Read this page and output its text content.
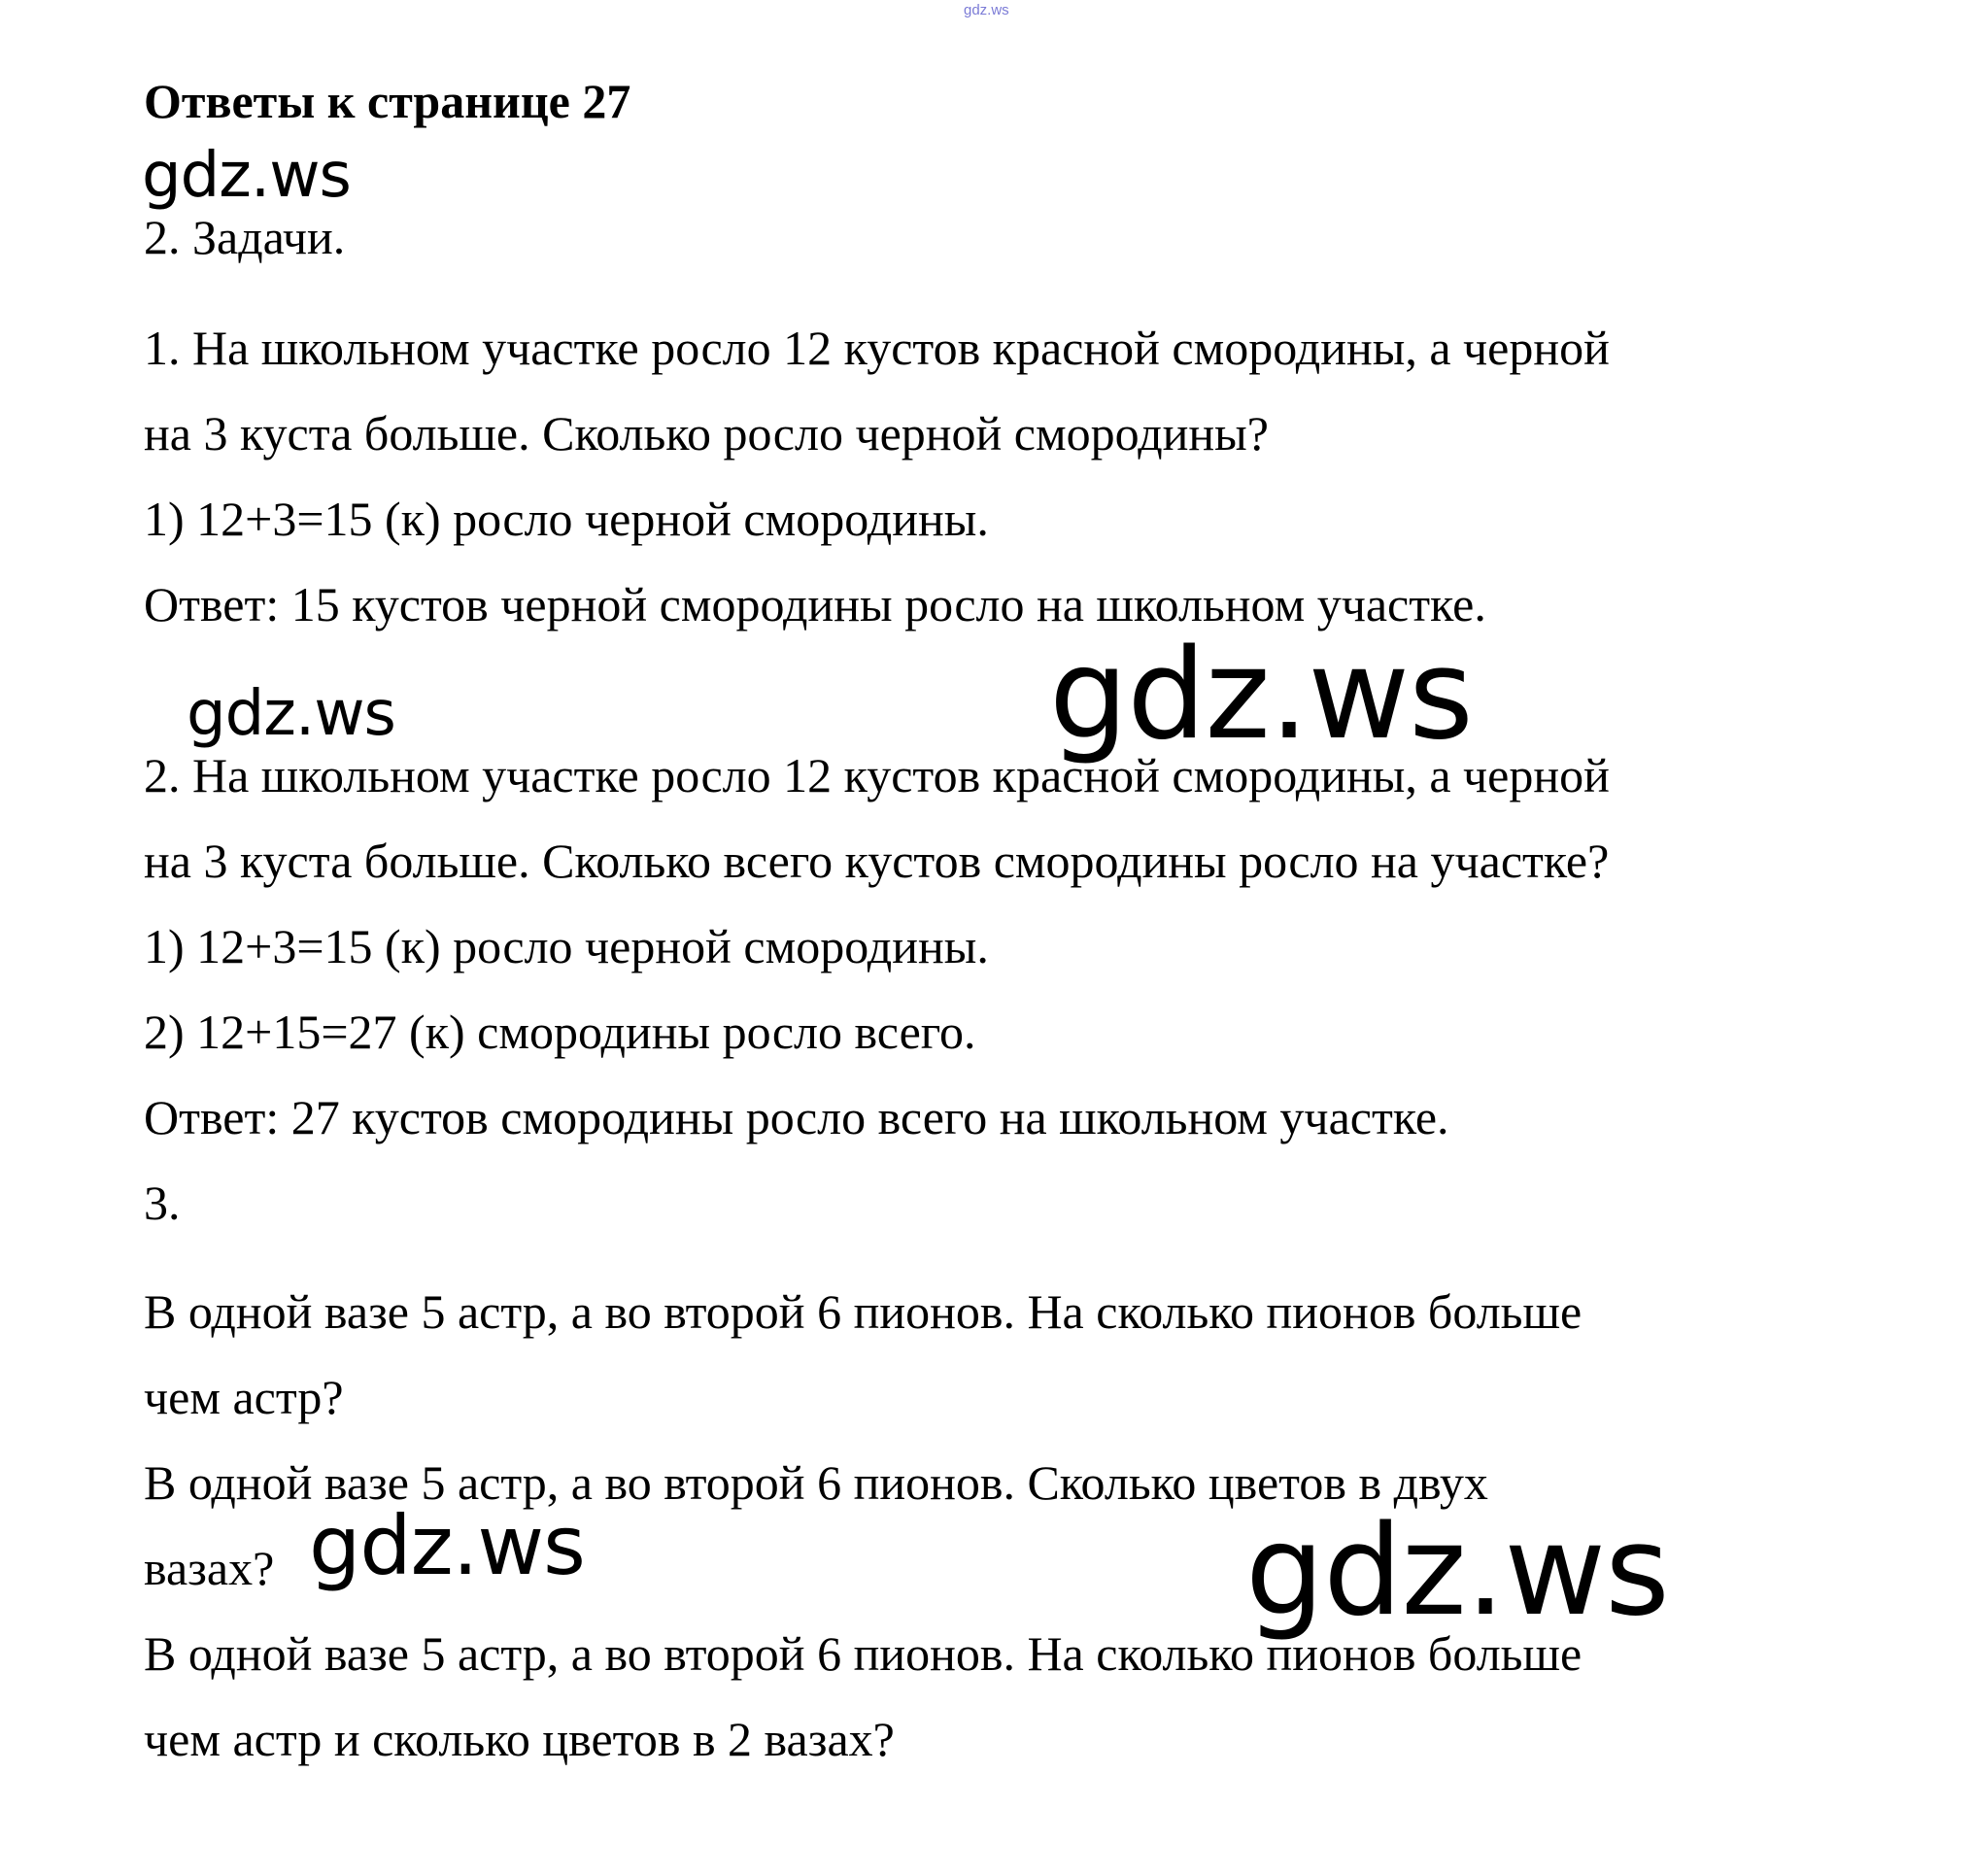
gdz.ws
Ответы к странице 27
2. Задачи.
1. На школьном участке росло 12 кустов красной смородины, а черной
на 3 куста больше. Сколько росло черной смородины?
1) 12+3=15 (к) росло черной смородины.
Ответ: 15 кустов черной смородины росло на школьном участке.
2. На школьном участке росло 12 кустов красной смородины, а черной
на 3 куста больше. Сколько всего кустов смородины росло на участке?
1) 12+3=15 (к) росло черной смородины.
2) 12+15=27 (к) смородины росло всего.
Ответ: 27 кустов смородины росло всего на школьном участке.
3.
В одной вазе 5 астр, а во второй 6 пионов. На сколько пионов больше
чем астр?
В одной вазе 5 астр, а во второй 6 пионов. Сколько цветов в двух
вазах?
В одной вазе 5 астр, а во второй 6 пионов. На сколько пионов больше
чем астр и сколько цветов в 2 вазах?
gdz.ws
gdz.ws	gdz.ws
gdz.ws	gdz.ws
